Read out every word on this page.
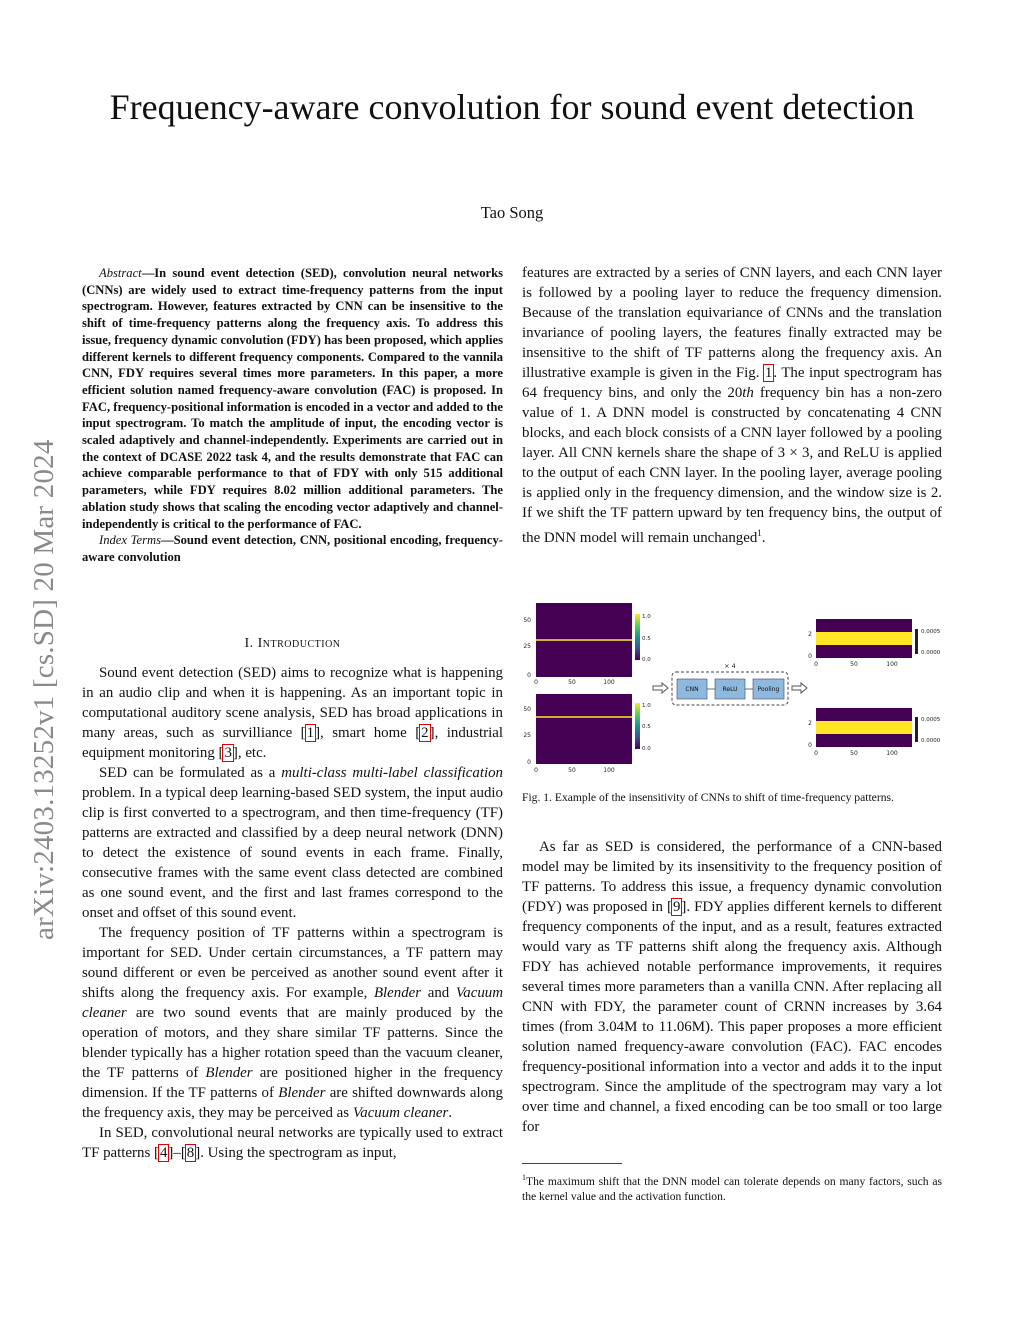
Frequency-aware convolution for sound event detection
Tao Song
arXiv:2403.13252v1 [cs.SD] 20 Mar 2024

Abstract—In sound event detection (SED), convolution neural networks (CNNs) are widely used to extract time-frequency patterns from the input spectrogram. However, features extracted by CNN can be insensitive to the shift of time-frequency patterns along the frequency axis. To address this issue, frequency dynamic convolution (FDY) has been proposed, which applies different kernels to different frequency components. Compared to the vannila CNN, FDY requires several times more parameters. In this paper, a more efficient solution named frequency-aware convolution (FAC) is proposed. In FAC, frequency-positional information is encoded in a vector and added to the input spectrogram. To match the amplitude of input, the encoding vector is scaled adaptively and channel-independently. Experiments are carried out in the context of DCASE 2022 task 4, and the results demonstrate that FAC can achieve comparable performance to that of FDY with only 515 additional parameters, while FDY requires 8.02 million additional parameters. The ablation study shows that scaling the encoding vector adaptively and channel-independently is critical to the performance of FAC.

Index Terms—Sound event detection, CNN, positional encoding, frequency-aware convolution

I. Introduction

Sound event detection (SED) aims to recognize what is happening in an audio clip and when it is happening. As an important topic in computational auditory scene analysis, SED has broad applications in many areas, such as survilliance [1], smart home [2], industrial equipment monitoring [3], etc.

SED can be formulated as a multi-class multi-label classification problem. In a typical deep learning-based SED system, the input audio clip is first converted to a spectrogram, and then time-frequency (TF) patterns are extracted and classified by a deep neural network (DNN) to detect the existence of sound events in each frame. Finally, consecutive frames with the same event class detected are combined as one sound event, and the first and last frames correspond to the onset and offset of this sound event.

The frequency position of TF patterns within a spectrogram is important for SED. Under certain circumstances, a TF pattern may sound different or even be perceived as another sound event after it shifts along the frequency axis. For example, Blender and Vacuum cleaner are two sound events that are mainly produced by the operation of motors, and they share similar TF patterns. Since the blender typically has a higher rotation speed than the vacuum cleaner, the TF patterns of Blender are positioned higher in the frequency dimension. If the TF patterns of Blender are shifted downwards along the frequency axis, they may be perceived as Vacuum cleaner.

In SED, convolutional neural networks are typically used to extract TF patterns [4]–[8]. Using the spectrogram as input,

features are extracted by a series of CNN layers, and each CNN layer is followed by a pooling layer to reduce the frequency dimension. Because of the translation equivariance of CNNs and the translation invariance of pooling layers, the features finally extracted may be insensitive to the shift of TF patterns along the frequency axis. An illustrative example is given in the Fig. 1. The input spectrogram has 64 frequency bins, and only the 20th frequency bin has a non-zero value of 1. A DNN model is constructed by concatenating 4 CNN blocks, and each block consists of a CNN layer followed by a pooling layer. All CNN kernels share the shape of 3 × 3, and ReLU is applied to the output of each CNN layer. In the pooling layer, average pooling is applied only in the frequency dimension, and the window size is 2. If we shift the TF pattern upward by ten frequency bins, the output of the DNN model will remain unchanged$^1$.

50
25
0
0	50	100
1.0
0.5
0.0
50
25
0
0	50	100
1.0
0.5
0.0
× 4
CNN	ReLU	Pooling
2
0
0	50	100
0.0005
0.0000
2
0
0	50	100
0.0005
0.0000
Fig. 1. Example of the insensitivity of CNNs to shift of time-frequency patterns.

As far as SED is considered, the performance of a CNN-based model may be limited by its insensitivity to the frequency position of TF patterns. To address this issue, a frequency dynamic convolution (FDY) was proposed in [9]. FDY applies different kernels to different frequency components of the input, and as a result, features extracted would vary as TF patterns shift along the frequency axis. Although FDY has achieved notable performance improvements, it requires several times more parameters than a vanilla CNN. After replacing all CNN with FDY, the parameter count of CRNN increases by 3.64 times (from 3.04M to 11.06M). This paper proposes a more efficient solution named frequency-aware convolution (FAC). FAC encodes frequency-positional information into a vector and adds it to the input spectrogram. Since the amplitude of the spectrogram may vary a lot over time and channel, a fixed encoding can be too small or too large for

$^1$The maximum shift that the DNN model can tolerate depends on many factors, such as the kernel value and the activation function.
